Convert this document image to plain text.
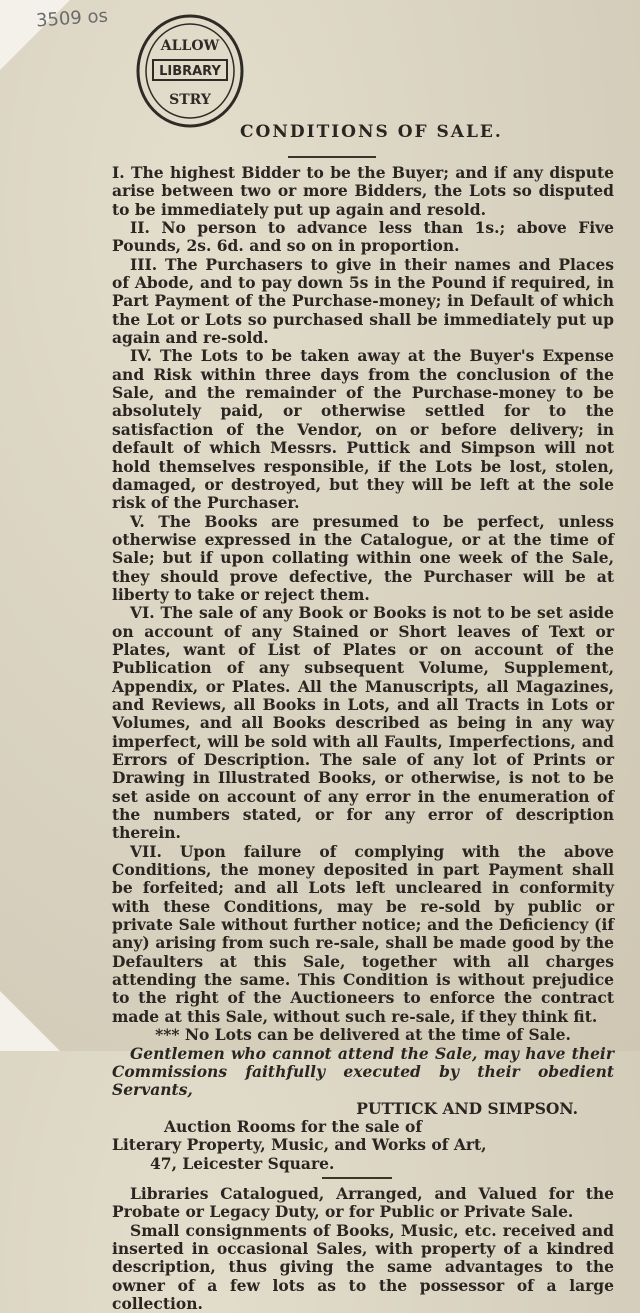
3509 os
ALLOW
LIBRARY
STRY
CONDITIONS OF SALE.

I. The highest Bidder to be the Buyer; and if any dispute arise between two or more Bidders, the Lots so disputed to be immediately put up again and resold.

II. No person to advance less than 1s.; above Five Pounds, 2s. 6d. and so on in proportion.

III. The Purchasers to give in their names and Places of Abode, and to pay down 5s in the Pound if required, in Part Payment of the Purchase-money; in Default of which the Lot or Lots so purchased shall be immediately put up again and re-sold.

IV. The Lots to be taken away at the Buyer's Expense and Risk within three days from the conclusion of the Sale, and the remainder of the Purchase-money to be absolutely paid, or otherwise settled for to the satisfaction of the Vendor, on or before delivery; in default of which Messrs. Puttick and Simpson will not hold themselves responsible, if the Lots be lost, stolen, damaged, or destroyed, but they will be left at the sole risk of the Purchaser.

V. The Books are presumed to be perfect, unless otherwise expressed in the Catalogue, or at the time of Sale; but if upon collating within one week of the Sale, they should prove defective, the Purchaser will be at liberty to take or reject them.

VI. The sale of any Book or Books is not to be set aside on account of any Stained or Short leaves of Text or Plates, want of List of Plates or on account of the Publication of any subsequent Volume, Supplement, Appendix, or Plates. All the Manuscripts, all Magazines, and Reviews, all Books in Lots, and all Tracts in Lots or Volumes, and all Books described as being in any way imperfect, will be sold with all Faults, Imperfections, and Errors of Description. The sale of any lot of Prints or Drawing in Illustrated Books, or otherwise, is not to be set aside on account of any error in the enumeration of the numbers stated, or for any error of description therein.

VII. Upon failure of complying with the above Conditions, the money deposited in part Payment shall be forfeited; and all Lots left uncleared in conformity with these Conditions, may be re-sold by public or private Sale without further notice; and the Deficiency (if any) arising from such re-sale, shall be made good by the Defaulters at this Sale, together with all charges attending the same. This Condition is without prejudice to the right of the Auctioneers to enforce the contract made at this Sale, without such re-sale, if they think fit.

*** No Lots can be delivered at the time of Sale.

Gentlemen who cannot attend the Sale, may have their Commissions faithfully executed by their obedient Servants,

PUTTICK AND SIMPSON.

Auction Rooms for the sale of

Literary Property, Music, and Works of Art,

47, Leicester Square.

Libraries Catalogued, Arranged, and Valued for the Probate or Legacy Duty, or for Public or Private Sale.

Small consignments of Books, Music, etc. received and inserted in occasional Sales, with property of a kindred description, thus giving the same advantages to the owner of a few lots as to the possessor of a large collection.
